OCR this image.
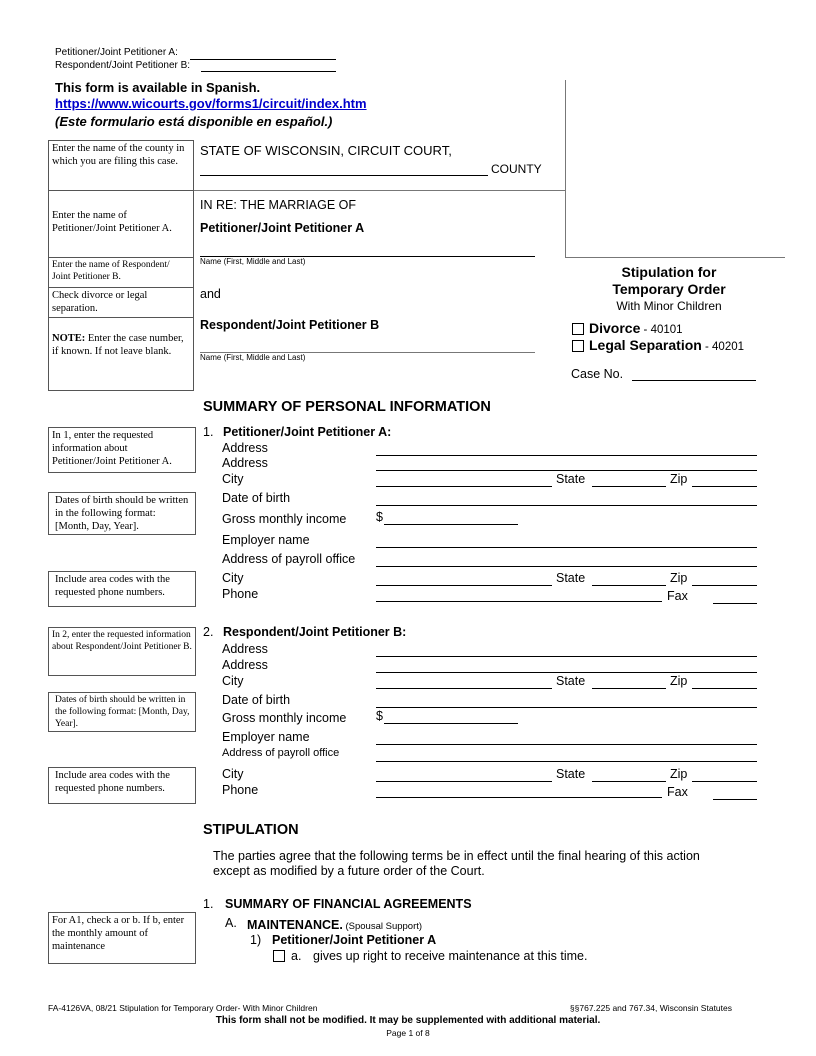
Petitioner/Joint Petitioner A:
Respondent/Joint Petitioner B:
This form is available in Spanish.
https://www.wicourts.gov/forms1/circuit/index.htm
(Este formulario está disponible en español.)
Enter the name of the county in which you are filing this case.
Enter the name of Petitioner/Joint Petitioner A.
Enter the name of Respondent/ Joint Petitioner B.
Check divorce or legal separation.
NOTE: Enter the case number, if known. If not leave blank.
STATE OF WISCONSIN, CIRCUIT COURT,
COUNTY
IN RE: THE MARRIAGE OF
Petitioner/Joint Petitioner A
Name (First, Middle and Last)
and
Respondent/Joint Petitioner B
Name (First, Middle and Last)
Stipulation for
Temporary Order
With Minor Children
Divorce - 40101
Legal Separation - 40201
Case No.
SUMMARY OF PERSONAL INFORMATION
In 1, enter the requested information about Petitioner/Joint Petitioner A.
Dates of birth should be written in the following format: [Month, Day, Year].
Include area codes with the requested phone numbers.
1. Petitioner/Joint Petitioner A:
Address
Address
City	State	Zip
Date of birth
Gross monthly income $
Employer name
Address of payroll office
City	State	Zip
Phone	Fax
In 2, enter the requested information about Respondent/Joint Petitioner B.
Dates of birth should be written in the following format: [Month, Day, Year].
Include area codes with the requested phone numbers.
2. Respondent/Joint Petitioner B:
Address
Address
City	State	Zip
Date of birth
Gross monthly income $
Employer name
Address of payroll office
City	State	Zip
Phone	Fax
STIPULATION
The parties agree that the following terms be in effect until the final hearing of this action
except as modified by a future order of the Court.
1. SUMMARY OF FINANCIAL AGREEMENTS
For A1, check a or b. If b, enter the monthly amount of maintenance
A. MAINTENANCE. (Spousal Support)
1) Petitioner/Joint Petitioner A
a. gives up right to receive maintenance at this time.
FA-4126VA, 08/21 Stipulation for Temporary Order- With Minor Children	§§767.225 and 767.34, Wisconsin Statutes
This form shall not be modified. It may be supplemented with additional material.
Page 1 of 8
